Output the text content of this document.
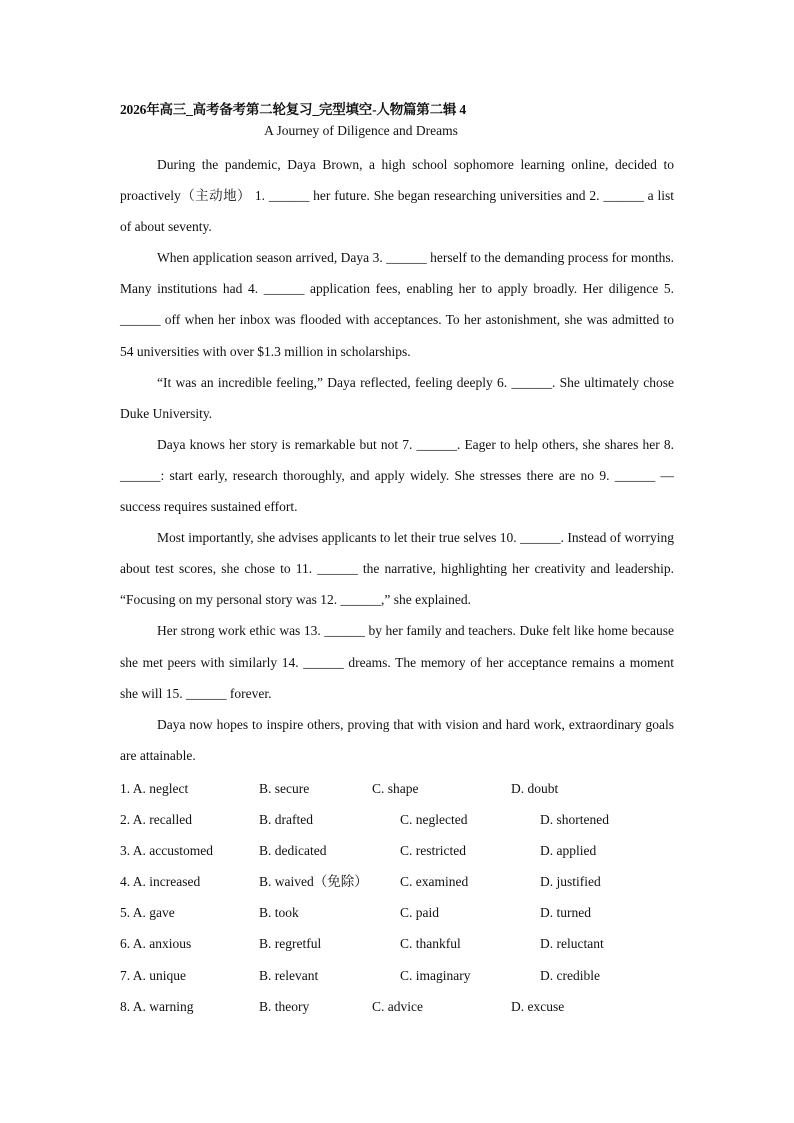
2026年高三_高考备考第二轮复习_完型填空-人物篇第二辑 4
A Journey of Diligence and Dreams

During the pandemic, Daya Brown, a high school sophomore learning online, decided to proactively（主动地） 1. ______ her future. She began researching universities and 2. ______ a list of about seventy.

When application season arrived, Daya 3. ______ herself to the demanding process for months. Many institutions had 4. ______ application fees, enabling her to apply broadly. Her diligence 5. ______ off when her inbox was flooded with acceptances. To her astonishment, she was admitted to 54 universities with over $1.3 million in scholarships.

“It was an incredible feeling,” Daya reflected, feeling deeply 6. ______. She ultimately chose Duke University.

Daya knows her story is remarkable but not 7. ______. Eager to help others, she shares her 8. ______: start early, research thoroughly, and apply widely. She stresses there are no 9. ______ — success requires sustained effort.

Most importantly, she advises applicants to let their true selves 10. ______. Instead of worrying about test scores, she chose to 11. ______ the narrative, highlighting her creativity and leadership. “Focusing on my personal story was 12. ______,” she explained.

Her strong work ethic was 13. ______ by her family and teachers. Duke felt like home because she met peers with similarly 14. ______ dreams. The memory of her acceptance remains a moment she will 15. ______ forever.

Daya now hopes to inspire others, proving that with vision and hard work, extraordinary goals are attainable.

1. A. neglect	B. secure	C. shape	D. doubt
2. A. recalled	B. drafted	C. neglected	D. shortened
3. A. accustomed	B. dedicated	C. restricted	D. applied
4. A. increased	B. waived（免除） C. examined	D. justified
5. A. gave	B. took	C. paid	D. turned
6. A. anxious	B. regretful	C. thankful	D. reluctant
7. A. unique	B. relevant	C. imaginary	D. credible
8. A. warning	B. theory	C. advice	D. excuse
